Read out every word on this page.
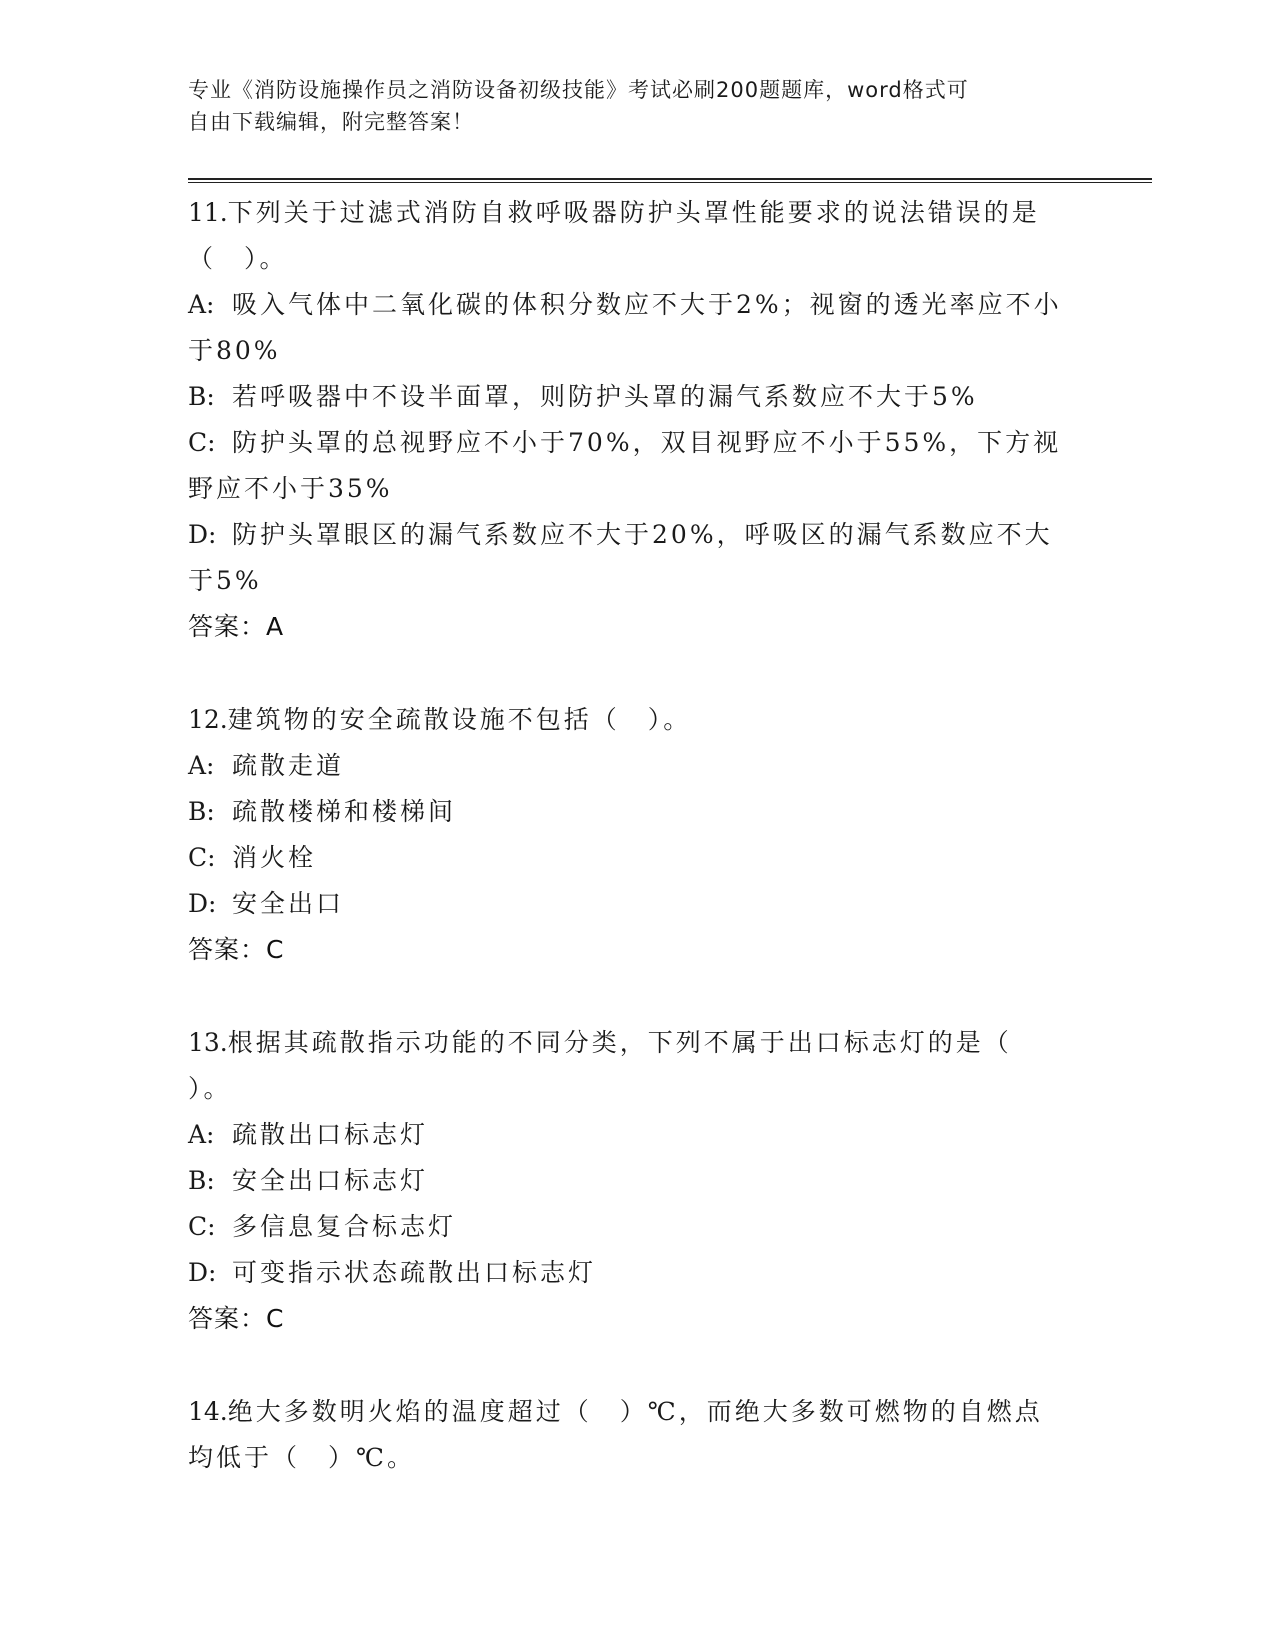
专业《消防设施操作员之消防设备初级技能》考试必刷200题题库，word格式可
自由下载编辑，附完整答案！
11.下列关于过滤式消防自救呼吸器防护头罩性能要求的说法错误的是
（　）。
A: 吸入气体中二氧化碳的体积分数应不大于2%；视窗的透光率应不小
于80%
B: 若呼吸器中不设半面罩，则防护头罩的漏气系数应不大于5%
C: 防护头罩的总视野应不小于70%，双目视野应不小于55%，下方视
野应不小于35%
D: 防护头罩眼区的漏气系数应不大于20%，呼吸区的漏气系数应不大
于5%
答案：A
12.建筑物的安全疏散设施不包括（　）。
A: 疏散走道
B: 疏散楼梯和楼梯间
C: 消火栓
D: 安全出口
答案：C
13.根据其疏散指示功能的不同分类，下列不属于出口标志灯的是（
）。
A: 疏散出口标志灯
B: 安全出口标志灯
C: 多信息复合标志灯
D: 可变指示状态疏散出口标志灯
答案：C
14.绝大多数明火焰的温度超过（　）℃，而绝大多数可燃物的自燃点
均低于（　）℃。
